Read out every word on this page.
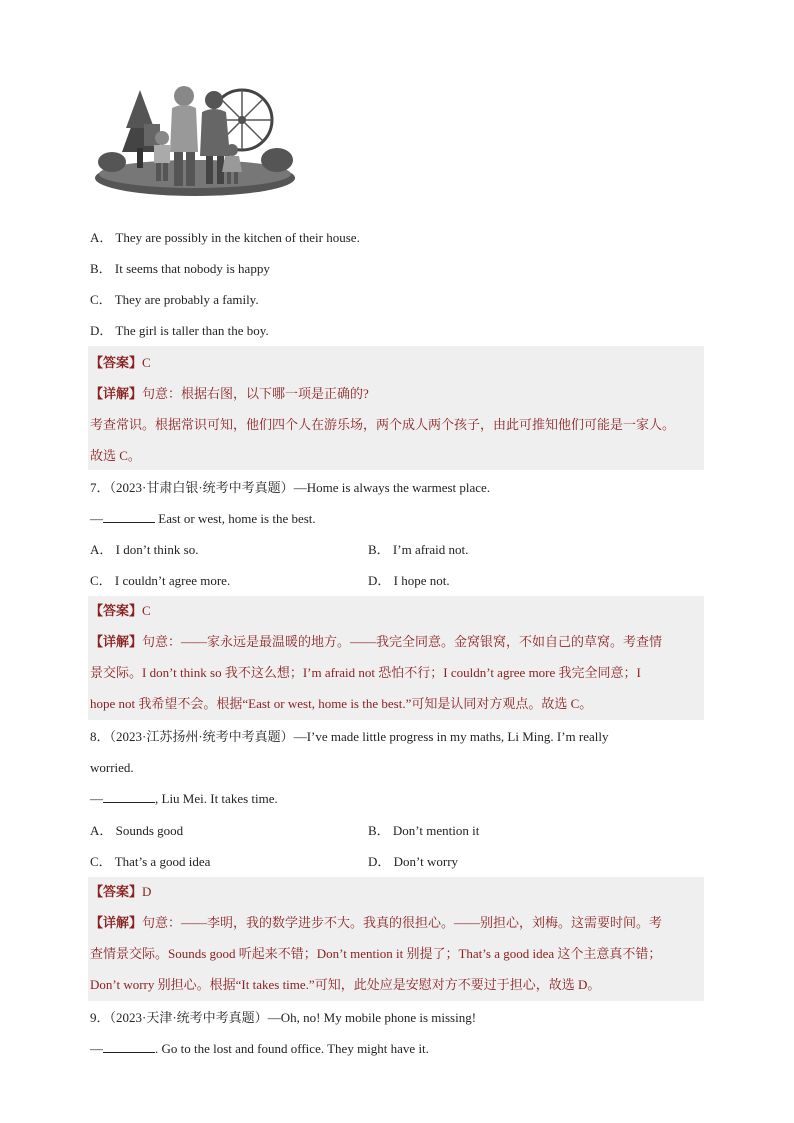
A． They are possibly in the kitchen of their house.
B． It seems that nobody is happy
C． They are probably a family.
D． The girl is taller than the boy.
【答案】C
【详解】句意：根据右图，以下哪一项是正确的?
考查常识。根据常识可知，他们四个人在游乐场，两个成人两个孩子，由此可推知他们可能是一家人。
故选 C。
7．（2023·甘肃白银·统考中考真题）—Home is always the warmest place.
—	East or west, home is the best.
A． I don’t think so.	B． I’m afraid not.
C． I couldn’t agree more.	D． I hope not.
【答案】C
【详解】句意：——家永远是最温暖的地方。——我完全同意。金窝银窝，不如自己的草窝。考查情
景交际。I don’t think so 我不这么想；I’m afraid not 恐怕不行；I couldn’t agree more 我完全同意；I
hope not 我希望不会。根据“East or west, home is the best.”可知是认同对方观点。故选 C。
8．（2023·江苏扬州·统考中考真题）—I’ve made little progress in my maths, Li Ming. I’m really
worried.
—	, Liu Mei. It takes time.
A． Sounds good	B． Don’t mention it
C． That’s a good idea	D． Don’t worry
【答案】D
【详解】句意：——李明，我的数学进步不大。我真的很担心。——别担心，刘梅。这需要时间。考
查情景交际。Sounds good 听起来不错；Don’t mention it 别提了；That’s a good idea 这个主意真不错；
Don’t worry 别担心。根据“It takes time.”可知，此处应是安慰对方不要过于担心，故选 D。
9．（2023·天津·统考中考真题）—Oh, no! My mobile phone is missing!
—	. Go to the lost and found office. They might have it.
